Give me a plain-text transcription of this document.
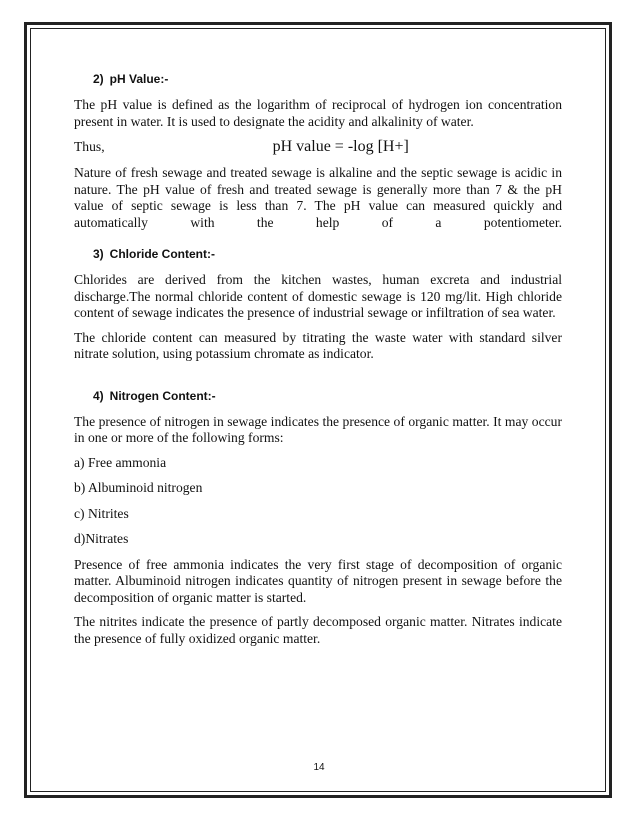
2) pH Value:-

The pH value is defined as the logarithm of reciprocal of hydrogen ion concentration present in water. It is used to designate the acidity and alkalinity of water.

Thus,	pH value = -log [H+]

Nature of fresh sewage and treated sewage is alkaline and the septic sewage is acidic in nature. The pH value of fresh and treated sewage is generally more than 7 & the pH value of septic sewage is less than 7. The pH value can measured quickly and automatically with the help of a potentiometer.

3) Chloride Content:-

Chlorides are derived from the kitchen wastes, human excreta and industrial discharge.The normal chloride content of domestic sewage is 120 mg/lit. High chloride content of sewage indicates the presence of industrial sewage or infiltration of sea water.

The chloride content can measured by titrating the waste water with standard silver nitrate solution, using potassium chromate as indicator.

4) Nitrogen Content:-

The presence of nitrogen in sewage indicates the presence of organic matter. It may occur in one or more of the following forms:

a) Free ammonia
b) Albuminoid nitrogen
c) Nitrites
d)Nitrates

Presence of free ammonia indicates the very first stage of decomposition of organic matter. Albuminoid nitrogen indicates quantity of nitrogen present in sewage before the decomposition of organic matter is started.

The nitrites indicate the presence of partly decomposed organic matter. Nitrates indicate the presence of fully oxidized organic matter.

14
